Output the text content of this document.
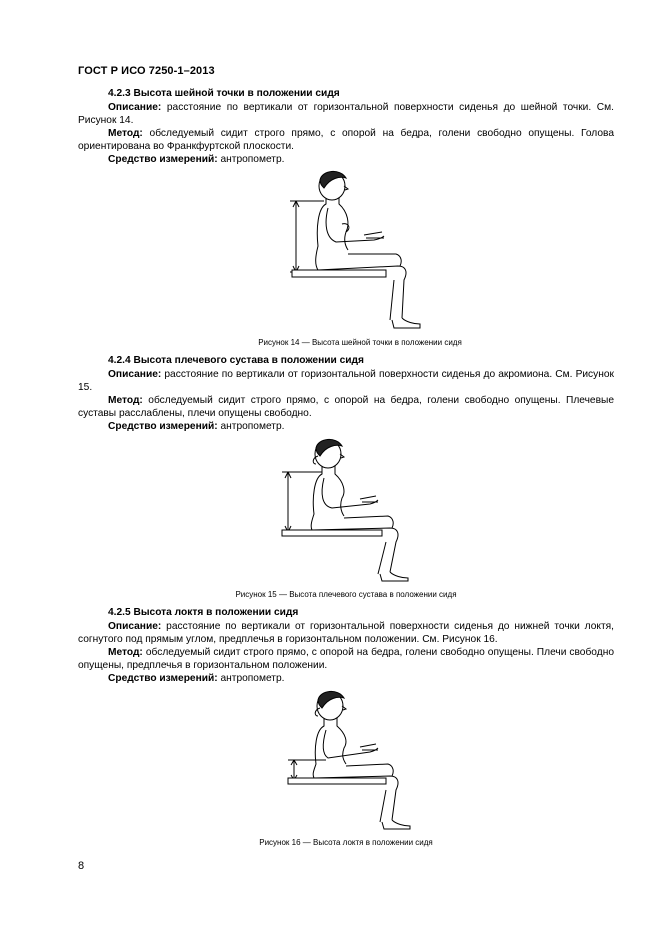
ГОСТ Р ИСО 7250-1–2013
4.2.3 Высота шейной точки в положении сидя
Описание: расстояние по вертикали от горизонтальной поверхности сиденья до шейной точки. См. Рисунок 14.
Метод: обследуемый сидит строго прямо, с опорой на бедра, голени свободно опущены. Голова ориентирована во Франкфуртской плоскости.
Средство измерений: антропометр.
Рисунок 14 — Высота шейной точки в положении сидя
4.2.4 Высота плечевого сустава в положении сидя
Описание: расстояние по вертикали от горизонтальной поверхности сиденья до акромиона. См. Рисунок 15.
Метод: обследуемый сидит строго прямо, с опорой на бедра, голени свободно опущены. Плечевые суставы расслаблены, плечи опущены свободно.
Средство измерений: антропометр.
Рисунок 15 — Высота плечевого сустава в положении сидя
4.2.5 Высота локтя в положении сидя
Описание: расстояние по вертикали от горизонтальной поверхности сиденья до нижней точки локтя, согнутого под прямым углом, предплечья в горизонтальном положении. См. Рисунок 16.
Метод: обследуемый сидит строго прямо, с опорой на бедра, голени свободно опущены. Плечи свободно опущены, предплечья в горизонтальном положении.
Средство измерений: антропометр.
Рисунок 16 — Высота локтя в положении сидя
8
